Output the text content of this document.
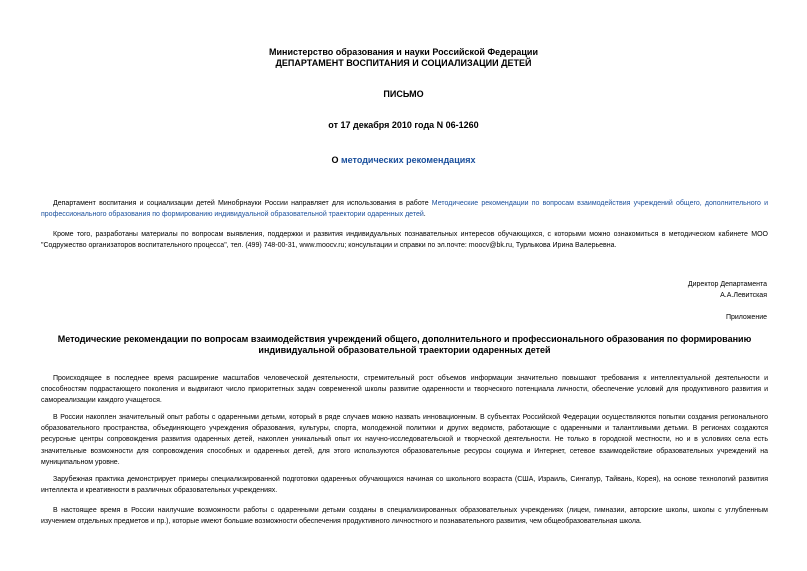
Министерство образования и науки Российской Федерации
ДЕПАРТАМЕНТ ВОСПИТАНИЯ И СОЦИАЛИЗАЦИИ ДЕТЕЙ
ПИСЬМО
от 17 декабря 2010 года N 06-1260
О методических рекомендациях
Департамент воспитания и социализации детей Минобрнауки России направляет для использования в работе Методические рекомендации по вопросам взаимодействия учреждений общего, дополнительного и профессионального образования по формированию индивидуальной образовательной траектории одаренных детей.
Кроме того, разработаны материалы по вопросам выявления, поддержки и развития индивидуальных познавательных интересов обучающихся, с которыми можно ознакомиться в методическом кабинете МОО "Содружество организаторов воспитательного процесса", тел. (499) 748-00-31, www.moocv.ru; консультации и справки по эл.почте: moocv@bk.ru, Турлыкова Ирина Валерьевна.
Директор Департамента
А.А.Левитская
Приложение
Методические рекомендации по вопросам взаимодействия учреждений общего, дополнительного и профессионального образования по формированию индивидуальной образовательной траектории одаренных детей
Происходящее в последнее время расширение масштабов человеческой деятельности, стремительный рост объемов информации значительно повышают требования к интеллектуальной деятельности и способностям подрастающего поколения и выдвигают число приоритетных задач современной школы развитие одаренности и творческого потенциала личности, обеспечение условий для продуктивного развития и самореализации каждого учащегося.
В России накоплен значительный опыт работы с одаренными детьми, который в ряде случаев можно назвать инновационным. В субъектах Российской Федерации осуществляются попытки создания регионального образовательного пространства, объединяющего учреждения образования, культуры, спорта, молодежной политики и других ведомств, работающие с одаренными и талантливыми детьми. В регионах создаются ресурсные центры сопровождения развития одаренных детей, накоплен уникальный опыт их научно-исследовательской и творческой деятельности. Не только в городской местности, но и в условиях села есть значительные возможности для сопровождения способных и одаренных детей, для этого используются образовательные ресурсы социума и Интернет, сетевое взаимодействие образовательных учреждений на муниципальном уровне.
Зарубежная практика демонстрирует примеры специализированной подготовки одаренных обучающихся начиная со школьного возраста (США, Израиль, Сингапур, Тайвань, Корея), на основе технологий развития интеллекта и креативности в различных образовательных учреждениях.
В настоящее время в России наилучшие возможности работы с одаренными детьми созданы в специализированных образовательных учреждениях (лицеи, гимназии, авторские школы, школы с углубленным изучением отдельных предметов и пр.), которые имеют большие возможности обеспечения продуктивного личностного и познавательного развития, чем общеобразовательная школа.
